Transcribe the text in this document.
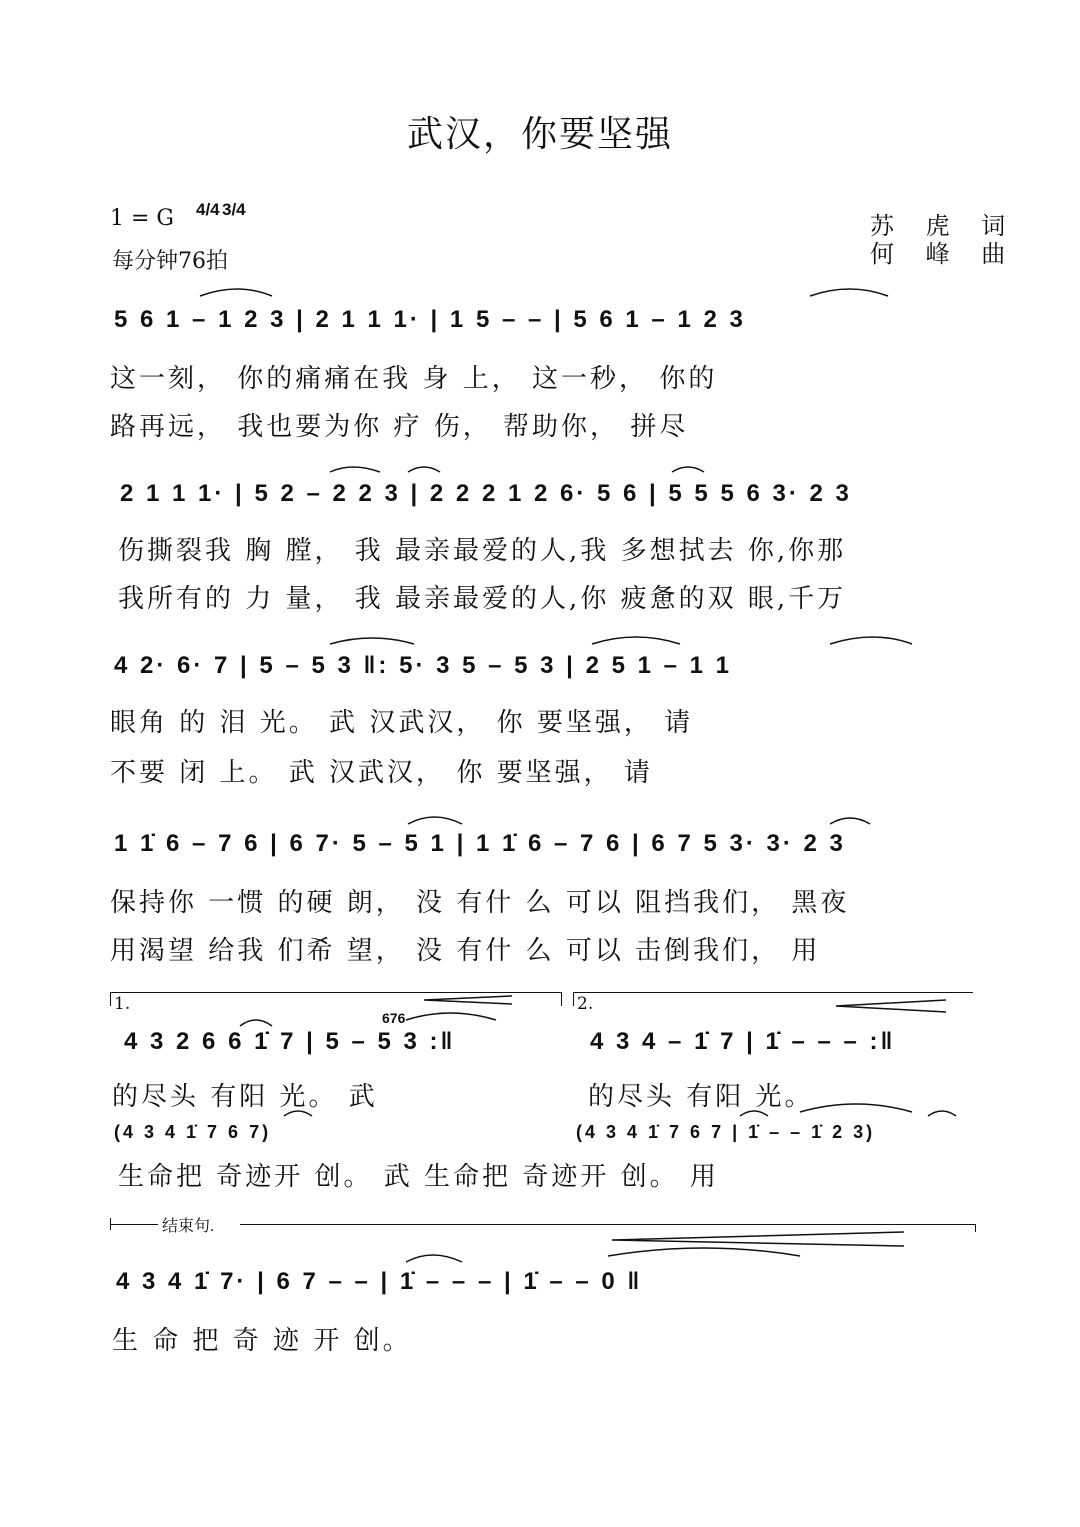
武汉，你要坚强
1 = G 4/4 3/4
每分钟76拍
苏 虎 词
何 峰 曲
5 6 1 – 1 2 3 | 2 1 1 1· | 1 5 – – | 5 6 1 – 1 2 3
这一刻， 你的痛痛在我 身 上， 这一秒， 你的
路再远， 我也要为你 疗 伤， 帮助你， 拼尽
2 1 1 1· | 5 2 – 2 2 3 | 2 2 2 1 2 6· 5 6 | 5 5 5 6 3· 2 3
伤撕裂我 胸 膛， 我 最亲最爱的人,我 多想拭去 你,你那
我所有的 力 量， 我 最亲最爱的人,你 疲惫的双 眼,千万
4 2· 6· 7 | 5 – 5 3 ‖: 5· 3 5 – 5 3 | 2 5 1 – 1 1
眼角 的 泪 光。 武 汉武汉， 你 要坚强， 请
不要 闭 上。 武 汉武汉， 你 要坚强， 请
1 1̇ 6 – 7 6 | 6 7· 5 – 5 1 | 1 1̇ 6 – 7 6 | 6 7 5 3· 3· 2 3
保持你 一惯 的硬 朗， 没 有什 么 可以 阻挡我们， 黑夜
用渴望 给我 们希 望， 没 有什 么 可以 击倒我们， 用
1.	2.
676
4 3 2 6 6 1̇ 7 | 5 – 5 3 :‖	4 3 4 – 1̇ 7 | 1̇ – – – :‖
的尽头 有阳 光。 武	的尽头 有阳 光。
(4 3 4 1̇ 7 6 7)	(4 3 4 1̇ 7 6 7 | 1̇ – – 1̇ 2 3)
生命把 奇迹开 创。 武 生命把 奇迹开 创。 用
结束句.
4 3 4 1̇ 7· | 6 7 – – | 1̇ – – – | 1̇ – – 0 ‖
生 命 把 奇 迹 开 创。
